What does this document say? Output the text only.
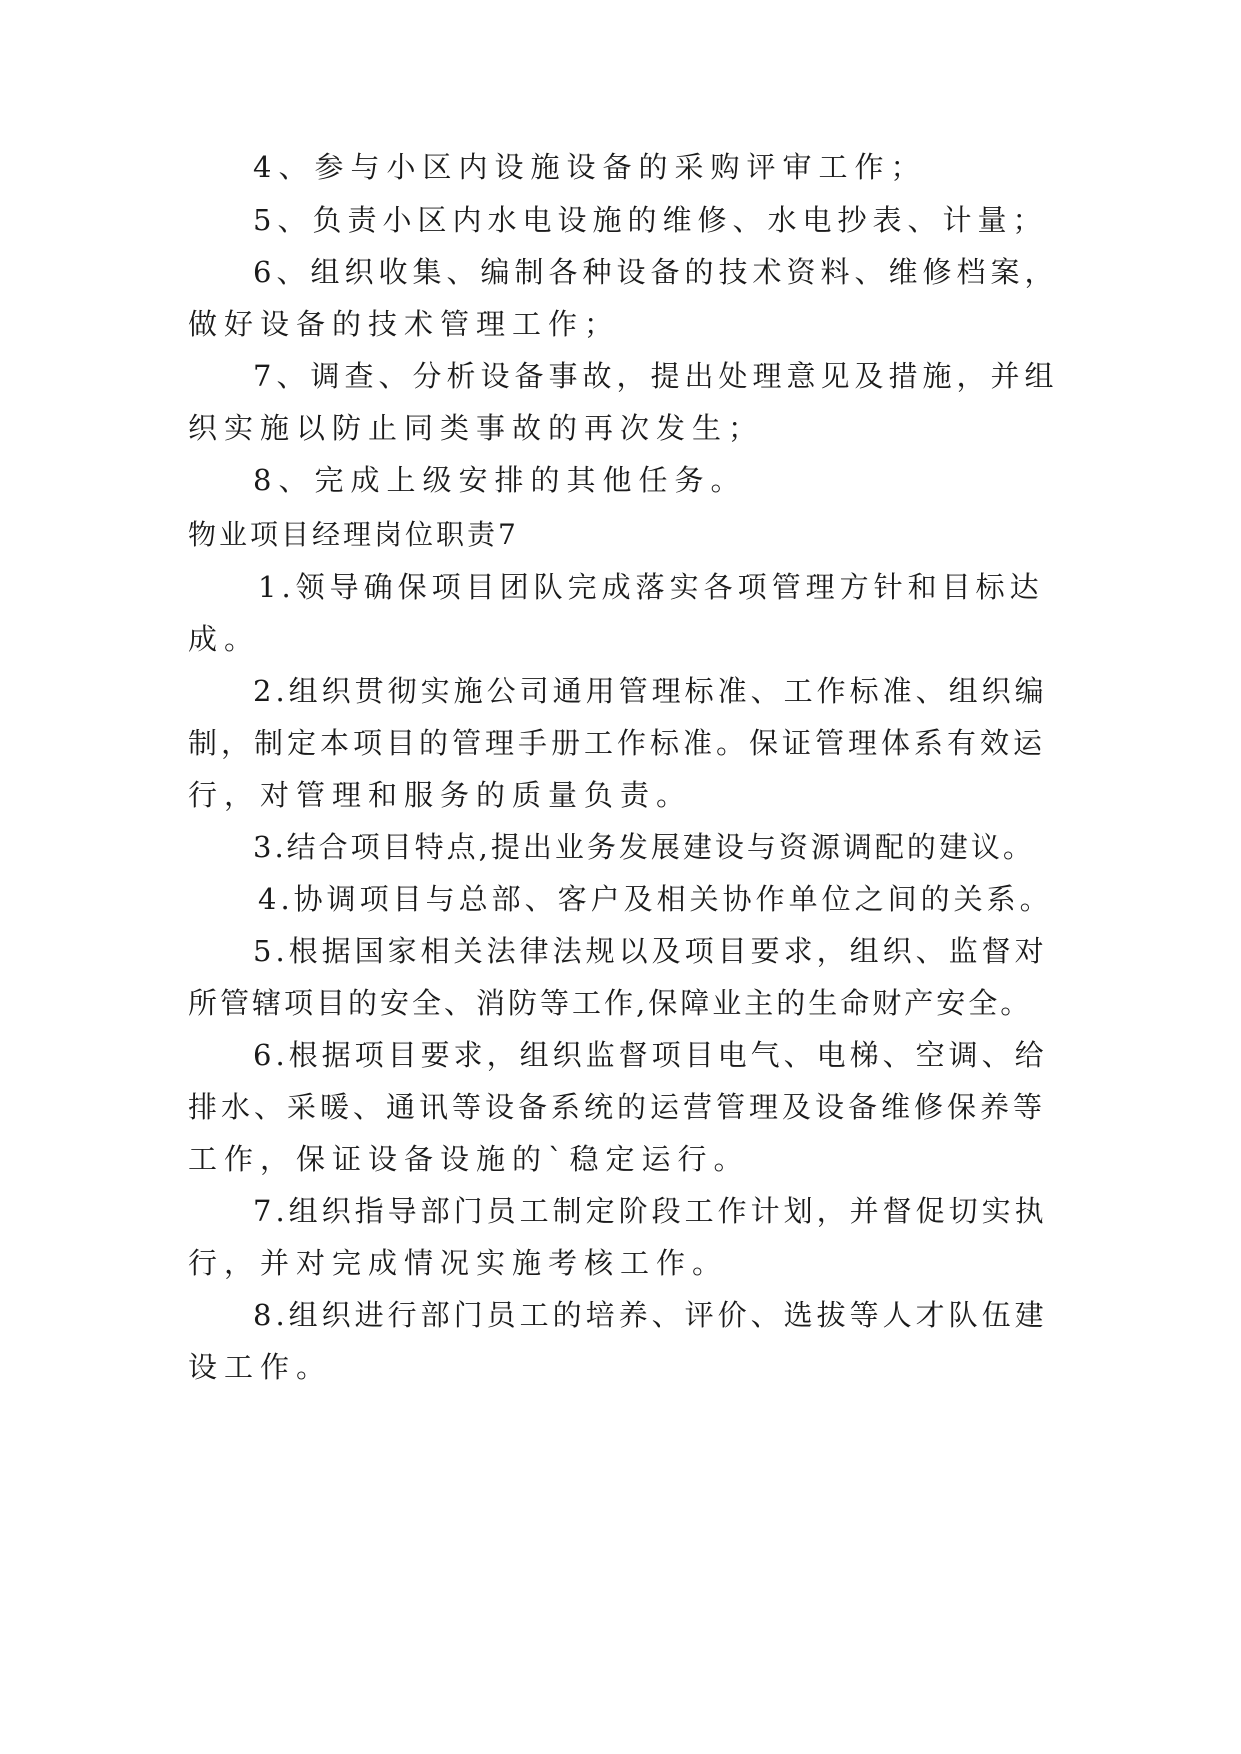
4、参与小区内设施设备的采购评审工作；
5、负责小区内水电设施的维修、水电抄表、计量；
6、组织收集、编制各种设备的技术资料、维修档案，
做好设备的技术管理工作；
7、调查、分析设备事故，提出处理意见及措施，并组
织实施以防止同类事故的再次发生；
8、完成上级安排的其他任务。
物业项目经理岗位职责7
1.领导确保项目团队完成落实各项管理方针和目标达
成。
2.组织贯彻实施公司通用管理标准、工作标准、组织编
制，制定本项目的管理手册工作标准。保证管理体系有效运
行，对管理和服务的质量负责。
3.结合项目特点,提出业务发展建设与资源调配的建议。
4.协调项目与总部、客户及相关协作单位之间的关系。
5.根据国家相关法律法规以及项目要求，组织、监督对
所管辖项目的安全、消防等工作,保障业主的生命财产安全。
6.根据项目要求，组织监督项目电气、电梯、空调、给
排水、采暖、通讯等设备系统的运营管理及设备维修保养等
工作，保证设备设施的`稳定运行。
7.组织指导部门员工制定阶段工作计划，并督促切实执
行，并对完成情况实施考核工作。
8.组织进行部门员工的培养、评价、选拔等人才队伍建
设工作。
